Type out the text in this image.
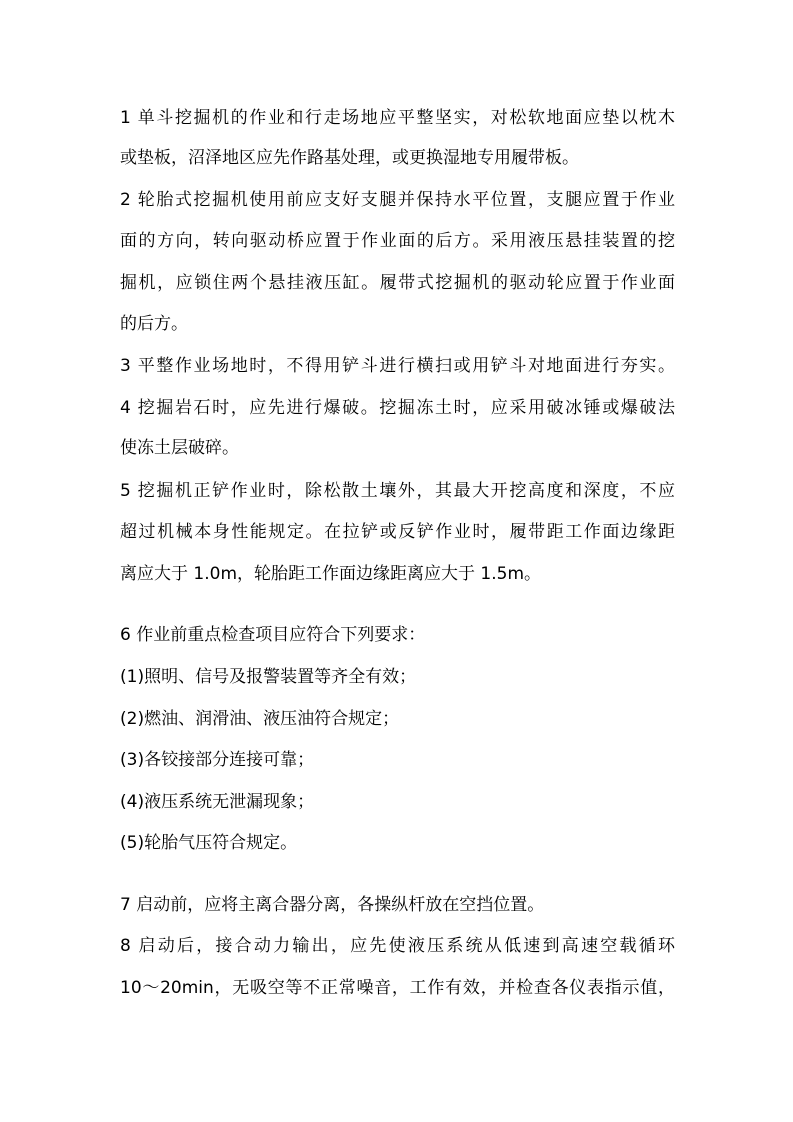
1 单斗挖掘机的作业和行走场地应平整坚实，对松软地面应垫以枕木
或垫板，沼泽地区应先作路基处理，或更换湿地专用履带板。
2 轮胎式挖掘机使用前应支好支腿并保持水平位置，支腿应置于作业
面的方向，转向驱动桥应置于作业面的后方。采用液压悬挂装置的挖
掘机，应锁住两个悬挂液压缸。履带式挖掘机的驱动轮应置于作业面
的后方。
3 平整作业场地时，不得用铲斗进行横扫或用铲斗对地面进行夯实。
4 挖掘岩石时，应先进行爆破。挖掘冻土时，应采用破冰锤或爆破法
使冻土层破碎。
5 挖掘机正铲作业时，除松散土壤外，其最大开挖高度和深度，不应
超过机械本身性能规定。在拉铲或反铲作业时，履带距工作面边缘距
离应大于 1.0m，轮胎距工作面边缘距离应大于 1.5m。
6 作业前重点检查项目应符合下列要求：
(1)照明、信号及报警装置等齐全有效；
(2)燃油、润滑油、液压油符合规定；
(3)各铰接部分连接可靠；
(4)液压系统无泄漏现象；
(5)轮胎气压符合规定。
7 启动前，应将主离合器分离，各操纵杆放在空挡位置。
8 启动后，接合动力输出，应先使液压系统从低速到高速空载循环
10～20min，无吸空等不正常噪音，工作有效，并检查各仪表指示值，
